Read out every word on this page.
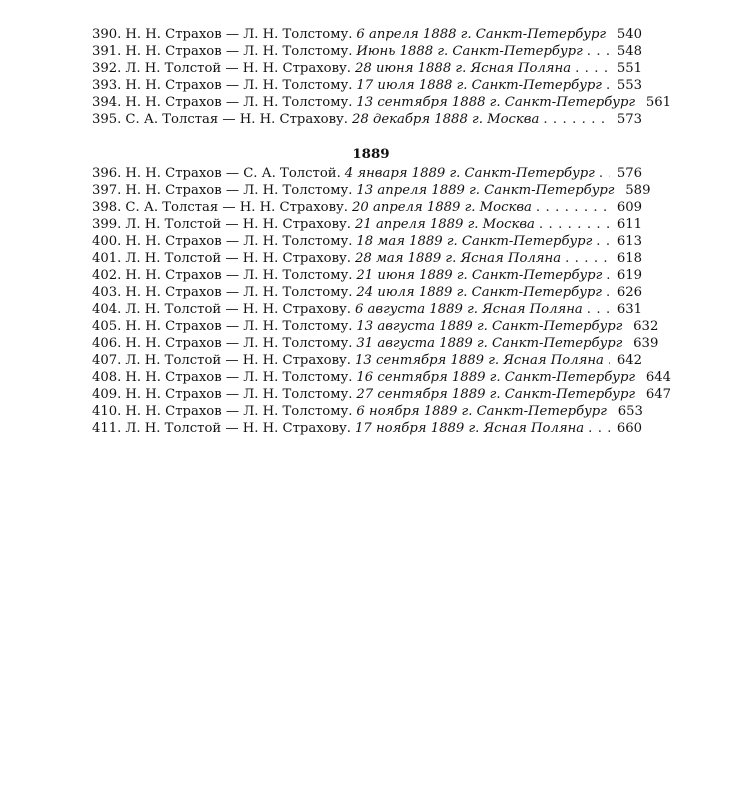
390. Н. Н. Страхов — Л. Н. Толстому. 6 апреля 1888 г. Санкт-Петербург 540
391. Н. Н. Страхов — Л. Н. Толстому. Июнь 1888 г. Санкт-Петербург . . .	548
392. Л. Н. Толстой — Н. Н. Страхову. 28 июня 1888 г. Ясная Поляна . . .	551
393. Н. Н. Страхов — Л. Н. Толстому. 17 июля 1888 г. Санкт-Петербург . . . 553
394. Н. Н. Страхов — Л. Н. Толстому. 13 сентября 1888 г. Санкт-Петербург 561
395. С. А. Толстая — Н. Н. Страхову. 28 декабря 1888 г. Москва . . .	573
1889
396. Н. Н. Страхов — С. А. Толстой. 4 января 1889 г. Санкт-Петербург . . . 576
397. Н. Н. Страхов — Л. Н. Толстому. 13 апреля 1889 г. Санкт-Петербург 589
398. С. А. Толстая — Н. Н. Страхову. 20 апреля 1889 г. Москва . . .	609
399. Л. Н. Толстой — Н. Н. Страхову. 21 апреля 1889 г. Москва . . .	611
400. Н. Н. Страхов — Л. Н. Толстому. 18 мая 1889 г. Санкт-Петербург . . . 613
401. Л. Н. Толстой — Н. Н. Страхову. 28 мая 1889 г. Ясная Поляна . . .	618
402. Н. Н. Страхов — Л. Н. Толстому. 21 июня 1889 г. Санкт-Петербург . . . 619
403. Н. Н. Страхов — Л. Н. Толстому. 24 июля 1889 г. Санкт-Петербург . . . 626
404. Л. Н. Толстой — Н. Н. Страхову. 6 августа 1889 г. Ясная Поляна . . .	631
405. Н. Н. Страхов — Л. Н. Толстому. 13 августа 1889 г. Санкт-Петербург 632
406. Н. Н. Страхов — Л. Н. Толстому. 31 августа 1889 г. Санкт-Петербург 639
407. Л. Н. Толстой — Н. Н. Страхову. 13 сентября 1889 г. Ясная Поляна . . . 642
408. Н. Н. Страхов — Л. Н. Толстому. 16 сентября 1889 г. Санкт-Петербург 644
409. Н. Н. Страхов — Л. Н. Толстому. 27 сентября 1889 г. Санкт-Петербург 647
410. Н. Н. Страхов — Л. Н. Толстому. 6 ноября 1889 г. Санкт-Петербург 653
411. Л. Н. Толстой — Н. Н. Страхову. 17 ноября 1889 г. Ясная Поляна . . . 660
